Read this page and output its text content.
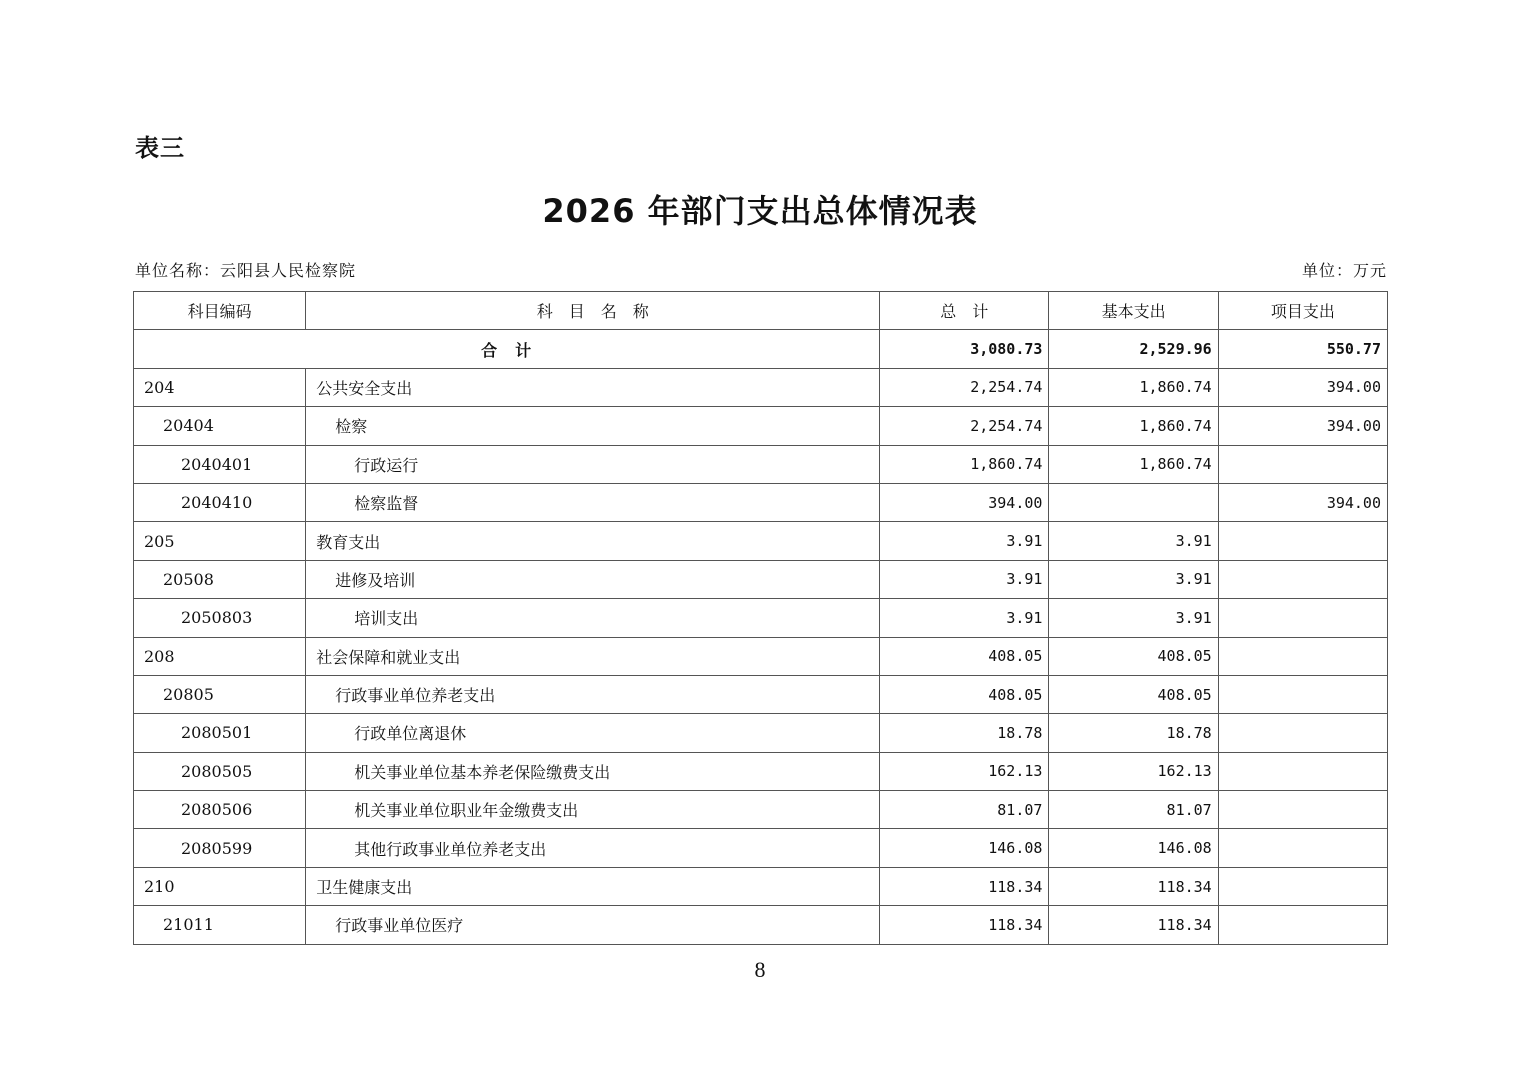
表三
2026 年部门支出总体情况表
单位名称：云阳县人民检察院	单位：万元
科目编码	科　目　名　称	总　计	基本支出	项目支出
合　计		3,080.73	2,529.96	550.77
204	公共安全支出	2,254.74	1,860.74	394.00
20404	检察	2,254.74	1,860.74	394.00
2040401	行政运行	1,860.74	1,860.74	
2040410	检察监督	394.00		394.00
205	教育支出	3.91	3.91	
20508	进修及培训	3.91	3.91	
2050803	培训支出	3.91	3.91	
208	社会保障和就业支出	408.05	408.05	
20805	行政事业单位养老支出	408.05	408.05	
2080501	行政单位离退休	18.78	18.78	
2080505	机关事业单位基本养老保险缴费支出	162.13	162.13	
2080506	机关事业单位职业年金缴费支出	81.07	81.07	
2080599	其他行政事业单位养老支出	146.08	146.08	
210	卫生健康支出	118.34	118.34	
21011	行政事业单位医疗	118.34	118.34	
8
